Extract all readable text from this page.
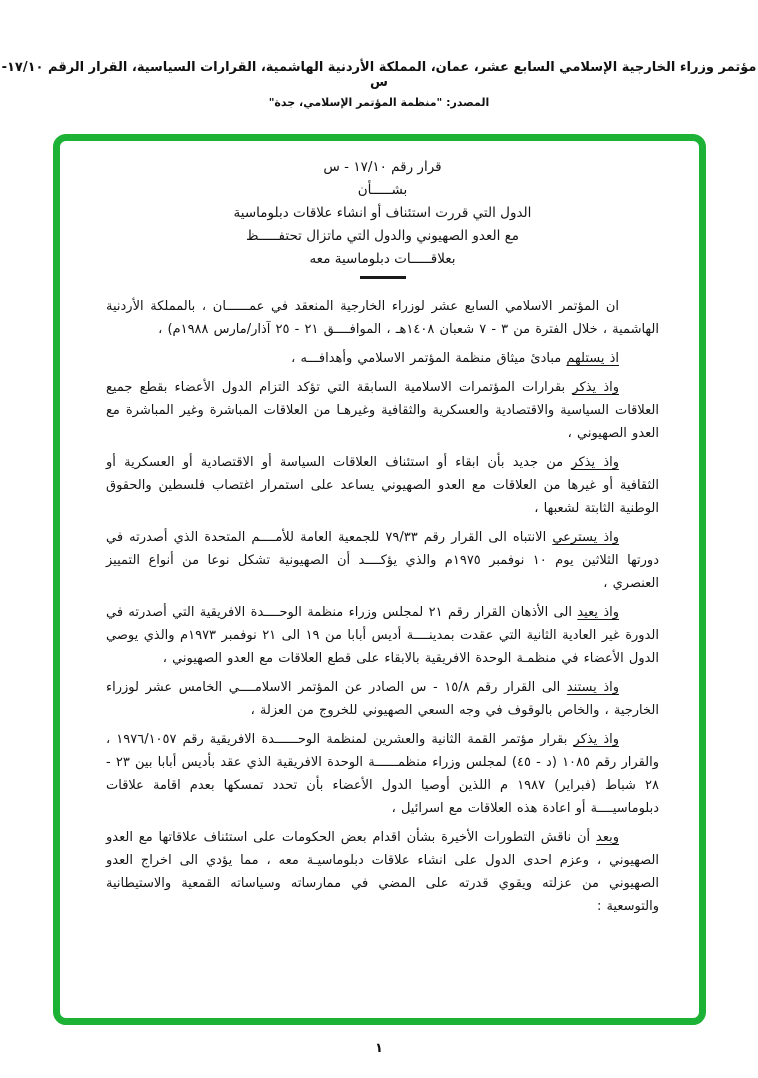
مؤتمر وزراء الخارجية الإسلامي السابع عشر، عمان، المملكة الأردنية الهاشمية، القرارات السياسية، القرار الرقم ١٧/١٠-س
المصدر: "منظمة المؤتمر الإسلامي، جدة"
قرار رقم ١٧/١٠ - س
بشـــــأن
الدول التي قررت استئناف أو انشاء علاقات دبلوماسية
مع العدو الصهيوني والدول التي ماتزال تحتفـــــظ
بعلاقـــــات دبلوماسية معه

ان المؤتمر الاسلامي السابع عشر لوزراء الخارجية المنعقد في عمــــــان ، بالمملكة الأردنية الهاشمية ، خلال الفترة من ٣ - ٧ شعبان ١٤٠٨هـ ، الموافــــق ٢١ - ٢٥ آذار/مارس ١٩٨٨م) ،

اذ يستلهم مبادئ ميثاق منظمة المؤتمر الاسلامي وأهدافـــه ،

واذ يذكر بقرارات المؤتمرات الاسلامية السابقة التي تؤكد التزام الدول الأعضاء بقطع جميع العلاقات السياسية والاقتصادية والعسكرية والثقافية وغيرهـا من العلاقات المباشرة وغير المباشرة مع العدو الصهيوني ،

واذ يذكر من جديد بأن ابقاء أو استئناف العلاقات السياسة أو الاقتصادية أو العسكرية أو الثقافية أو غيرها من العلاقات مع العدو الصهيوني يساعد على استمرار اغتصاب فلسطين والحقوق الوطنية الثابتة لشعبها ،

واذ يسترعي الانتباه الى القرار رقم ٧٩/٣٣ للجمعية العامة للأمــــم المتحدة الذي أصدرته في دورتها الثلاثين يوم ١٠ نوفمبر ١٩٧٥م والذي يؤكــــد أن الصهيونية تشكل نوعا من أنواع التمييز العنصري ،

واذ يعيد الى الأذهان القرار رقم ٢١ لمجلس وزراء منظمة الوحــــدة الافريقية التي أصدرته في الدورة غير العادية الثانية التي عقدت بمدينــــة أديس أبابا من ١٩ الى ٢١ نوفمبر ١٩٧٣م والذي يوصي الدول الأعضاء في منظمـة الوحدة الافريقية بالابقاء على قطع العلاقات مع العدو الصهيوني ،

واذ يستند الى القرار رقم ١٥/٨ - س الصادر عن المؤتمر الاسلامــــي الخامس عشر لوزراء الخارجية ، والخاص بالوقوف في وجه السعي الصهيوني للخروج من العزلة ،

واذ يذكر بقرار مؤتمر القمة الثانية والعشرين لمنظمة الوحــــــدة الافريقية رقم ١٩٧٦/١٠٥٧ ، والقرار رقم ١٠٨٥ (د - ٤٥) لمجلس وزراء منظمــــــة الوحدة الافريقية الذي عقد بأديس أبابا بين ٢٣ - ٢٨ شباط (فبراير) ١٩٨٧ م اللذين أوصيا الدول الأعضاء بأن تحدد تمسكها بعدم اقامة علاقات دبلوماسيــــة أو اعادة هذه العلاقات مع اسرائيل ،

وبعد أن ناقش التطورات الأخيرة بشأن اقدام بعض الحكومات على استئناف علاقاتها مع العدو الصهيوني ، وعزم احدى الدول على انشاء علاقات دبلوماسيـة معه ، مما يؤدي الى اخراج العدو الصهيوني من عزلته ويقوي قدرته على المضي في ممارساته وسياساته القمعية والاستيطانية والتوسعية :

١
